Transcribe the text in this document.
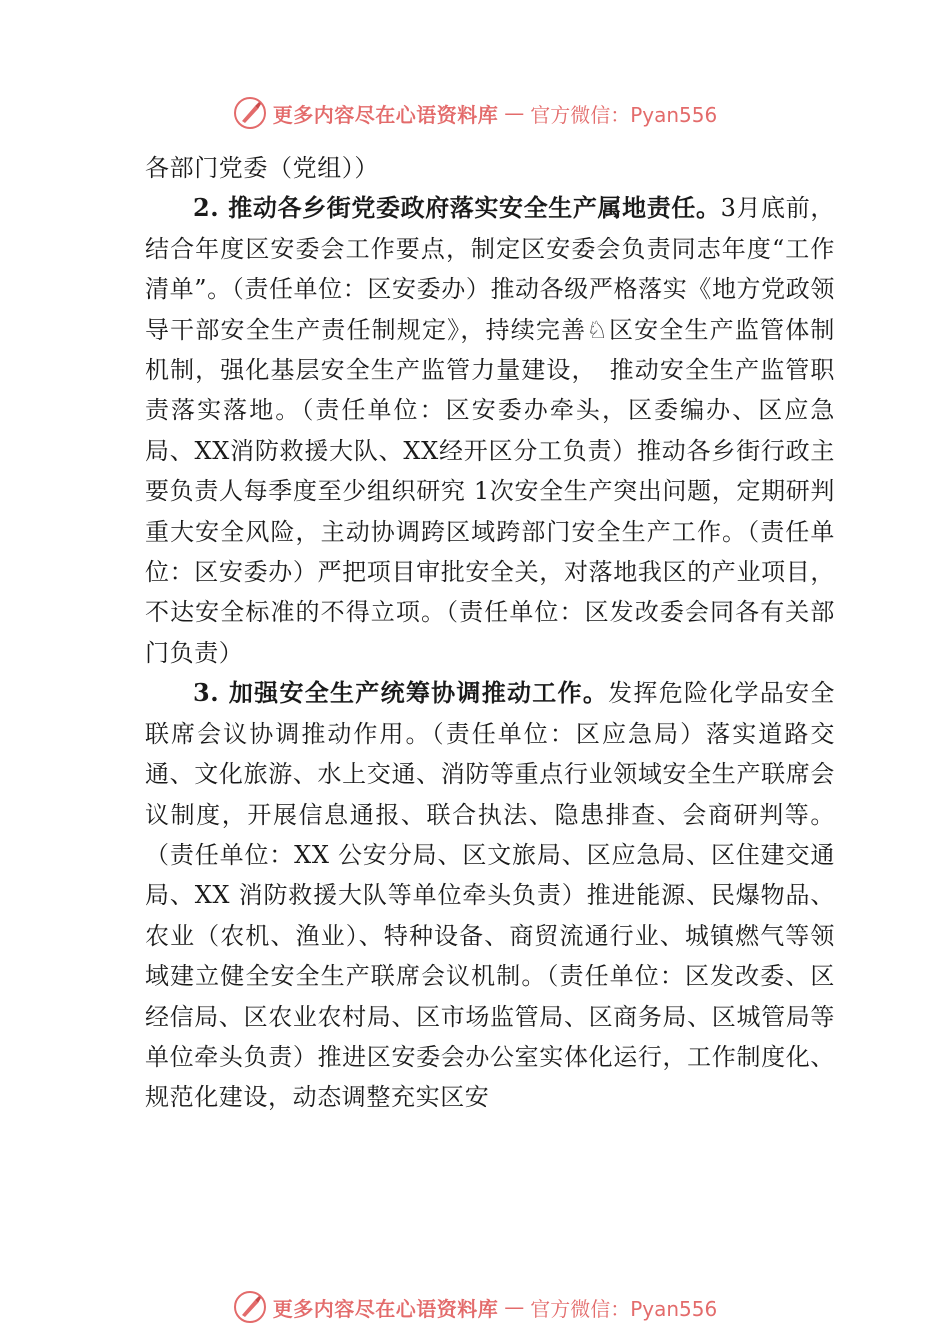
更多内容尽在心语资料库 — 官方微信：Pyan556

各部门党委（党组））

2. 推动各乡街党委政府落实安全生产属地责任。3月底前，结合年度区安委会工作要点，制定区安委会负责同志年度“工作清单”。（责任单位：区安委办）推动各级严格落实《地方党政领导干部安全生产责任制规定》，持续完善♘区安全生产监管体制机制，强化基层安全生产监管力量建设，　推动安全生产监管职责落实落地。（责任单位：区安委办牵头，区委编办、区应急局、XX消防救援大队、XX经开区分工负责）推动各乡街行政主要负责人每季度至少组织研究 1次安全生产突出问题，定期研判重大安全风险，主动协调跨区域跨部门安全生产工作。（责任单位：区安委办）严把项目审批安全关，对落地我区的产业项目，不达安全标准的不得立项。（责任单位：区发改委会同各有关部门负责）

3. 加强安全生产统筹协调推动工作。发挥危险化学品安全联席会议协调推动作用。（责任单位：区应急局）落实道路交通、文化旅游、水上交通、消防等重点行业领域安全生产联席会议制度，开展信息通报、联合执法、隐患排查、会商研判等。（责任单位：XX 公安分局、区文旅局、区应急局、区住建交通局、XX 消防救援大队等单位牵头负责）推进能源、民爆物品、农业（农机、渔业）、特种设备、商贸流通行业、城镇燃气等领域建立健全安全生产联席会议机制。（责任单位：区发改委、区经信局、区农业农村局、区市场监管局、区商务局、区城管局等单位牵头负责）推进区安委会办公室实体化运行，工作制度化、规范化建设，动态调整充实区安

更多内容尽在心语资料库 — 官方微信：Pyan556
